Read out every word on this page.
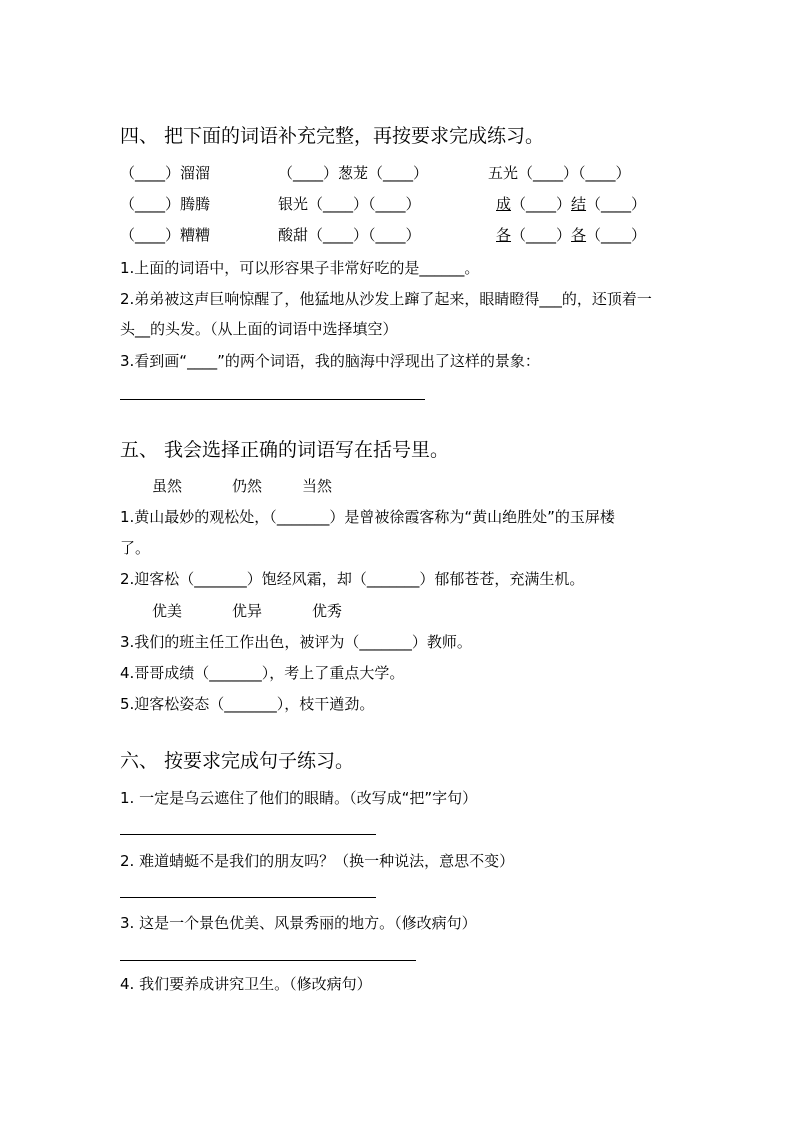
四、 把下面的词语补充完整，再按要求完成练习。
（____）溜溜	（____）葱茏（____）	五光（____）（____）
（____）腾腾	银光（____）（____）	成（____）结（____）
（____）糟糟	酸甜（____）（____）	各（____）各（____）
1.上面的词语中，可以形容果子非常好吃的是______。
2.弟弟被这声巨响惊醒了，他猛地从沙发上蹿了起来，眼睛瞪得___的，还顶着一
头__的头发。（从上面的词语中选择填空）
3.看到画“____”的两个词语，我的脑海中浮现出了这样的景象：
五、 我会选择正确的词语写在括号里。
虽然	仍然	当然
1.黄山最妙的观松处，（_______）是曾被徐霞客称为“黄山绝胜处”的玉屏楼
了。
2.迎客松（_______）饱经风霜，却（_______）郁郁苍苍，充满生机。
优美	优异	优秀
3.我们的班主任工作出色，被评为（_______）教师。
4.哥哥成绩（_______），考上了重点大学。
5.迎客松姿态（_______），枝干遒劲。
六、 按要求完成句子练习。
1. 一定是乌云遮住了他们的眼睛。（改写成“把”字句）
2. 难道蜻蜓不是我们的朋友吗？（换一种说法，意思不变）
3. 这是一个景色优美、风景秀丽的地方。（修改病句）
4. 我们要养成讲究卫生。（修改病句）
